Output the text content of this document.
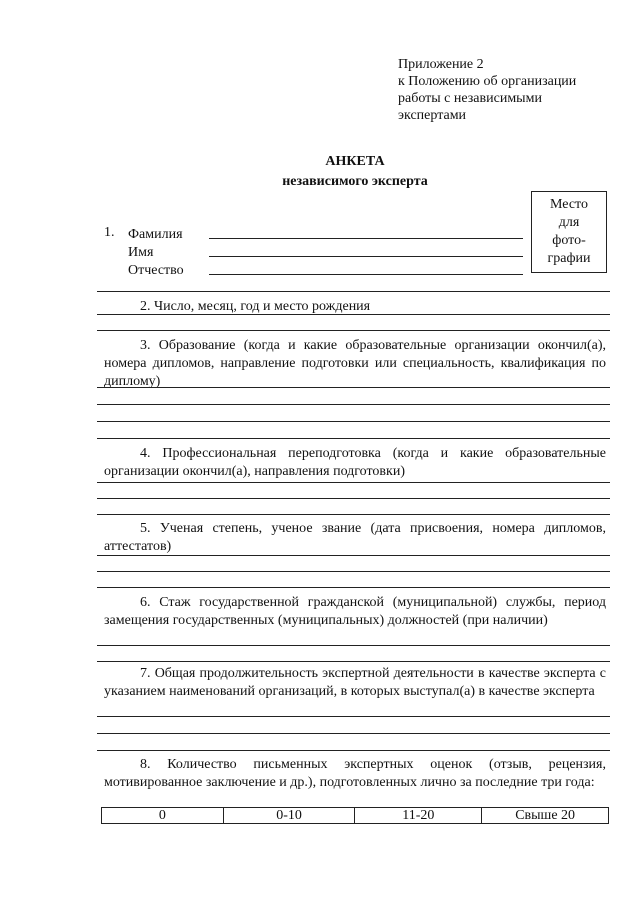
Приложение 2
к Положению об организации
работы с независимыми
экспертами
АНКЕТА
независимого эксперта
Место
для
фото-
графии
1. Фамилия
Имя
Отчество
2. Число, месяц, год и место рождения
3. Образование (когда и какие образовательные организации окончил(а), номера дипломов, направление подготовки или специальность, квалификация по диплому)
4. Профессиональная переподготовка (когда и какие образовательные организации окончил(а), направления подготовки)
5. Ученая степень, ученое звание (дата присвоения, номера дипломов, аттестатов)
6. Стаж государственной гражданской (муниципальной) службы, период замещения государственных (муниципальных) должностей (при наличии)
7. Общая продолжительность экспертной деятельности в качестве эксперта с указанием наименований организаций, в которых выступал(а) в качестве эксперта
8. Количество письменных экспертных оценок (отзыв, рецензия, мотивированное заключение и др.), подготовленных лично за последние три года:
0	0-10	11-20	Свыше 20
